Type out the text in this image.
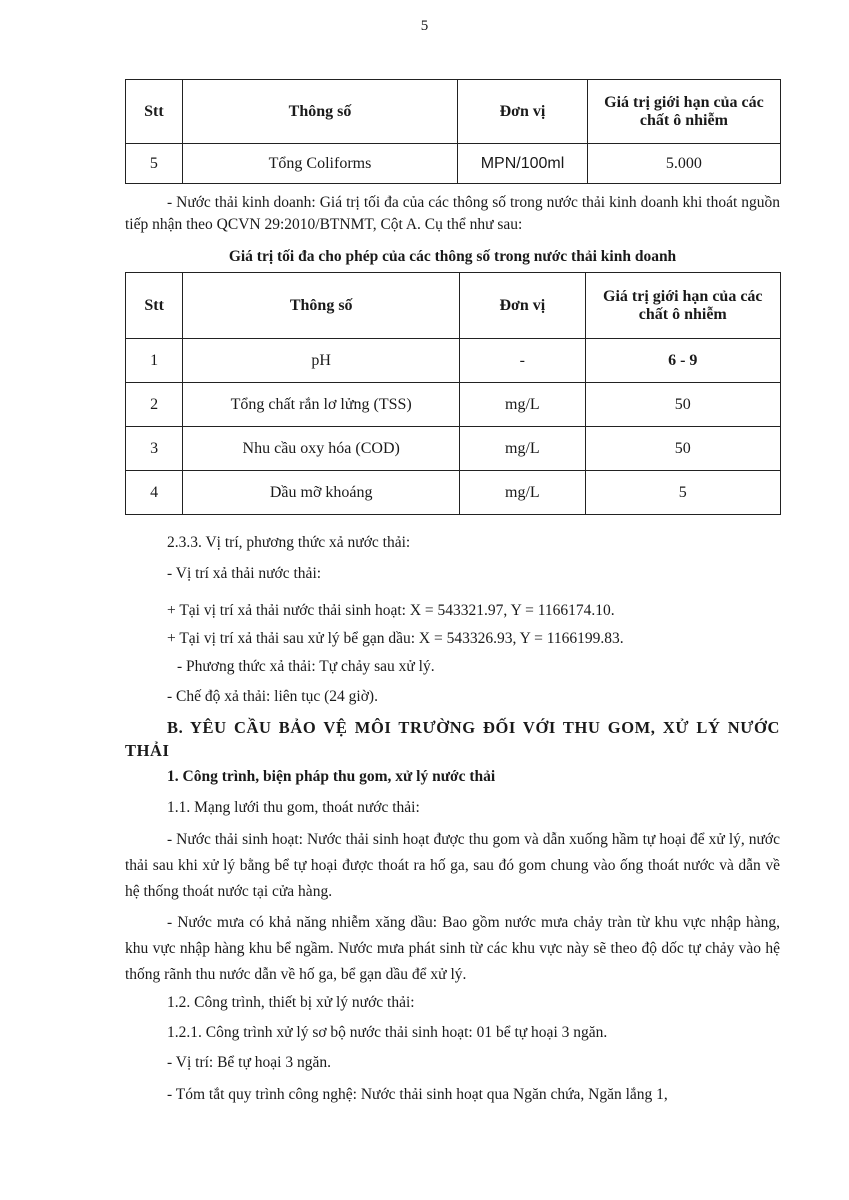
5
Stt	Thông số	Đơn vị	Giá trị giới hạn của các chất ô nhiễm
5	Tổng Coliforms	MPN/100ml	5.000
- Nước thải kinh doanh: Giá trị tối đa của các thông số trong nước thải kinh doanh khi thoát nguồn tiếp nhận theo QCVN 29:2010/BTNMT, Cột A. Cụ thể như sau:
Giá trị tối đa cho phép của các thông số trong nước thải kinh doanh
Stt	Thông số	Đơn vị	Giá trị giới hạn của các chất ô nhiễm
1	pH	-	6 - 9
2	Tổng chất rắn lơ lửng (TSS)	mg/L	50
3	Nhu cầu oxy hóa (COD)	mg/L	50
4	Dầu mỡ khoáng	mg/L	5
2.3.3. Vị trí, phương thức xả nước thải:
- Vị trí xả thải nước thải:
+ Tại vị trí xả thải nước thải sinh hoạt: X = 543321.97, Y = 1166174.10.
+ Tại vị trí xả thải sau xử lý bể gạn dầu: X = 543326.93, Y = 1166199.83.
- Phương thức xả thải: Tự chảy sau xử lý.
- Chế độ xả thải: liên tục (24 giờ).
B. YÊU CẦU BẢO VỆ MÔI TRƯỜNG ĐỐI VỚI THU GOM, XỬ LÝ NƯỚC THẢI
1. Công trình, biện pháp thu gom, xử lý nước thải
1.1. Mạng lưới thu gom, thoát nước thải:
- Nước thải sinh hoạt: Nước thải sinh hoạt được thu gom và dẫn xuống hầm tự hoại để xử lý, nước thải sau khi xử lý bằng bể tự hoại được thoát ra hố ga, sau đó gom chung vào ống thoát nước và dẫn về hệ thống thoát nước tại cửa hàng.
- Nước mưa có khả năng nhiễm xăng dầu: Bao gồm nước mưa chảy tràn từ khu vực nhập hàng, khu vực nhập hàng khu bể ngầm. Nước mưa phát sinh từ các khu vực này sẽ theo độ dốc tự chảy vào hệ thống rãnh thu nước dẫn về hố ga, bể gạn dầu để xử lý.
1.2. Công trình, thiết bị xử lý nước thải:
1.2.1. Công trình xử lý sơ bộ nước thải sinh hoạt: 01 bể tự hoại 3 ngăn.
- Vị trí: Bể tự hoại 3 ngăn.
- Tóm tắt quy trình công nghệ: Nước thải sinh hoạt qua Ngăn chứa, Ngăn lắng 1,
